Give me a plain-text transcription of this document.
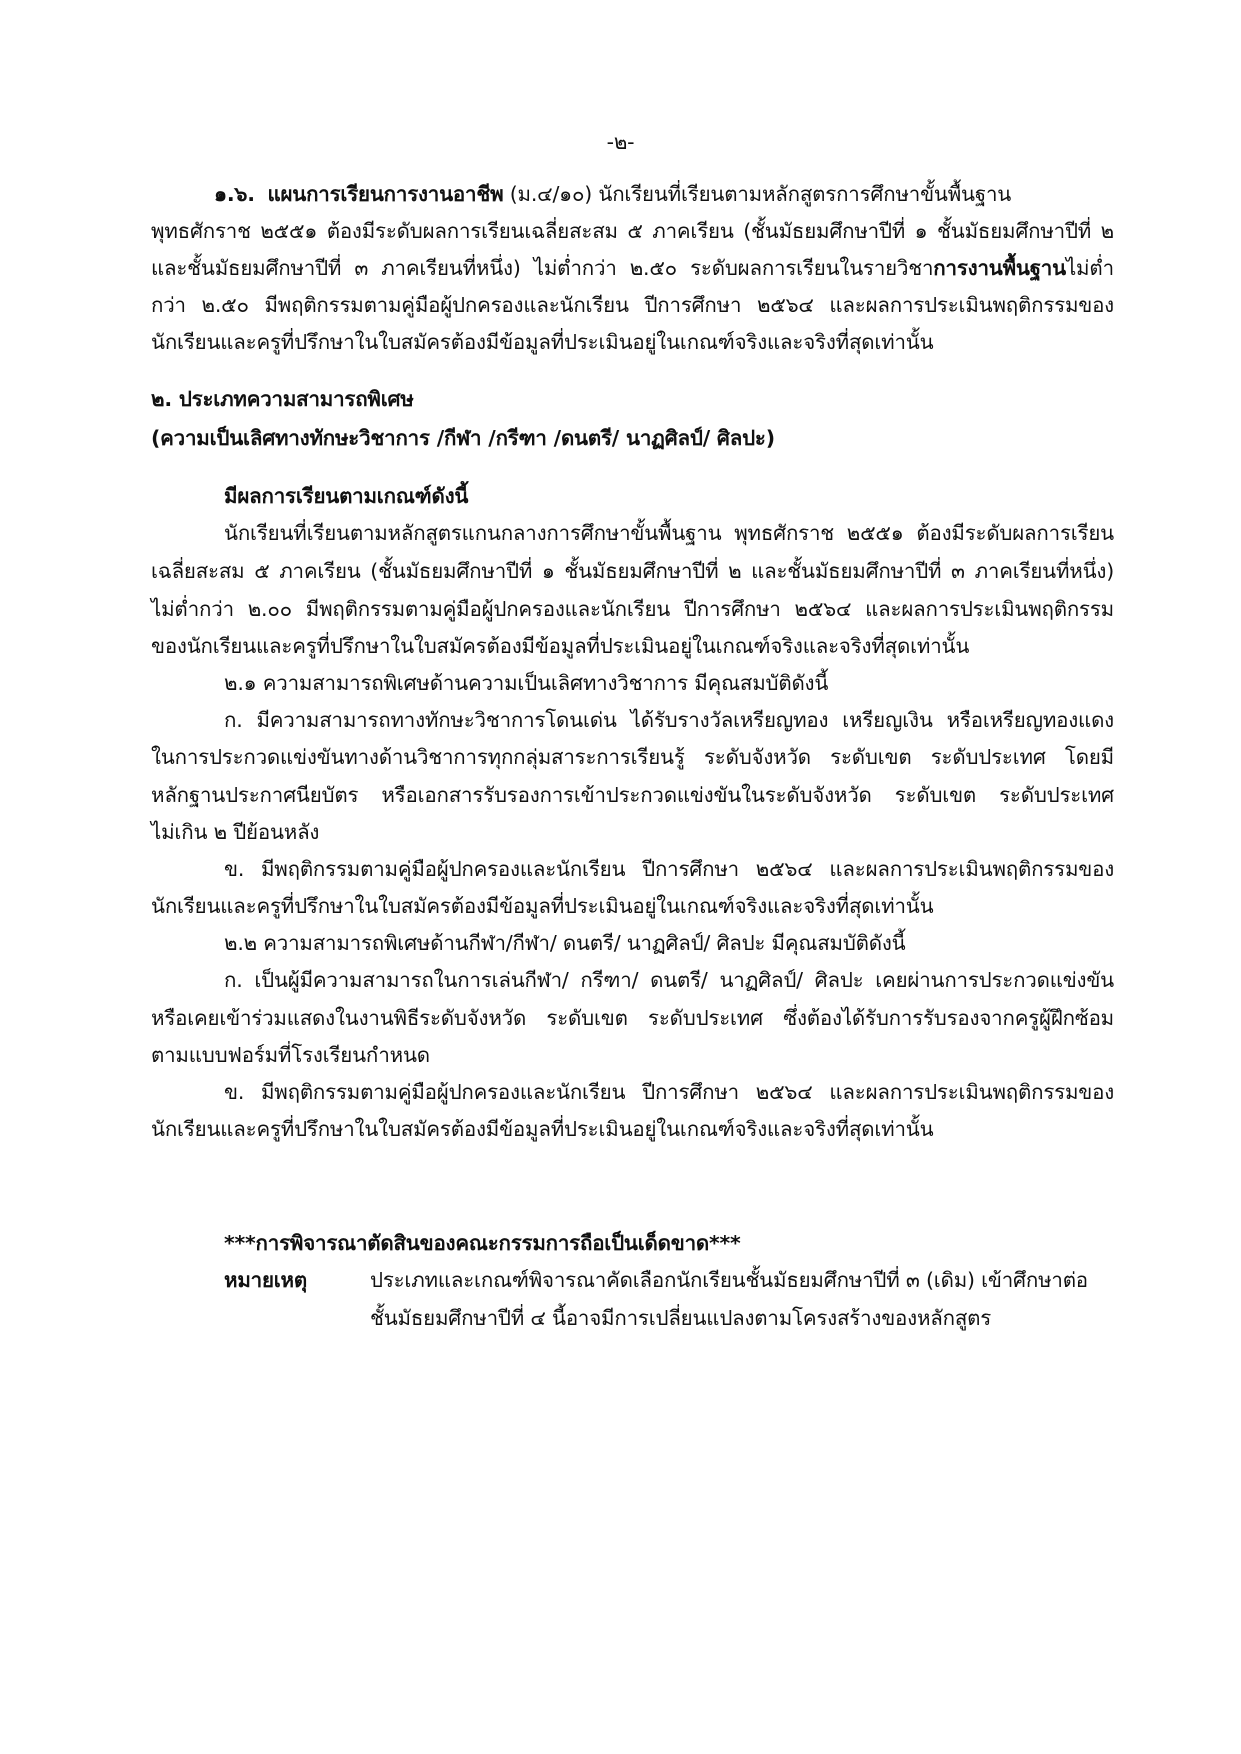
-๒-
๑.๖. แผนการเรียนการงานอาชีพ (ม.๔/๑๐) นักเรียนที่เรียนตามหลักสูตรการศึกษาขั้นพื้นฐาน
พุทธศักราช ๒๕๕๑ ต้องมีระดับผลการเรียนเฉลี่ยสะสม ๕ ภาคเรียน (ชั้นมัธยมศึกษาปีที่ ๑ ชั้นมัธยมศึกษาปีที่ ๒
และชั้นมัธยมศึกษาปีที่ ๓ ภาคเรียนที่หนึ่ง) ไม่ต่ำกว่า ๒.๕๐ ระดับผลการเรียนในรายวิชาการงานพื้นฐานไม่ต่ำ
กว่า ๒.๕๐ มีพฤติกรรมตามคู่มือผู้ปกครองและนักเรียน ปีการศึกษา ๒๕๖๔ และผลการประเมินพฤติกรรมของ
นักเรียนและครูที่ปรึกษาในใบสมัครต้องมีข้อมูลที่ประเมินอยู่ในเกณฑ์จริงและจริงที่สุดเท่านั้น
๒. ประเภทความสามารถพิเศษ
(ความเป็นเลิศทางทักษะวิชาการ /กีฬา /กรีฑา /ดนตรี/ นาฏศิลป์/ ศิลปะ)
มีผลการเรียนตามเกณฑ์ดังนี้
นักเรียนที่เรียนตามหลักสูตรแกนกลางการศึกษาขั้นพื้นฐาน พุทธศักราช ๒๕๕๑ ต้องมีระดับผลการเรียน
เฉลี่ยสะสม ๕ ภาคเรียน (ชั้นมัธยมศึกษาปีที่ ๑ ชั้นมัธยมศึกษาปีที่ ๒ และชั้นมัธยมศึกษาปีที่ ๓ ภาคเรียนที่หนึ่ง)
ไม่ต่ำกว่า ๒.๐๐ มีพฤติกรรมตามคู่มือผู้ปกครองและนักเรียน ปีการศึกษา ๒๕๖๔ และผลการประเมินพฤติกรรม
ของนักเรียนและครูที่ปรึกษาในใบสมัครต้องมีข้อมูลที่ประเมินอยู่ในเกณฑ์จริงและจริงที่สุดเท่านั้น
๒.๑ ความสามารถพิเศษด้านความเป็นเลิศทางวิชาการ มีคุณสมบัติดังนี้
ก. มีความสามารถทางทักษะวิชาการโดนเด่น ได้รับรางวัลเหรียญทอง เหรียญเงิน หรือเหรียญทองแดง
ในการประกวดแข่งขันทางด้านวิชาการทุกกลุ่มสาระการเรียนรู้ ระดับจังหวัด ระดับเขต ระดับประเทศ โดยมี
หลักฐานประกาศนียบัตร หรือเอกสารรับรองการเข้าประกวดแข่งขันในระดับจังหวัด ระดับเขต ระดับประเทศ
ไม่เกิน ๒ ปีย้อนหลัง
ข. มีพฤติกรรมตามคู่มือผู้ปกครองและนักเรียน ปีการศึกษา ๒๕๖๔ และผลการประเมินพฤติกรรมของ
นักเรียนและครูที่ปรึกษาในใบสมัครต้องมีข้อมูลที่ประเมินอยู่ในเกณฑ์จริงและจริงที่สุดเท่านั้น
๒.๒ ความสามารถพิเศษด้านกีฬา/กีฬา/ ดนตรี/ นาฏศิลป์/ ศิลปะ มีคุณสมบัติดังนี้
ก. เป็นผู้มีความสามารถในการเล่นกีฬา/ กรีฑา/ ดนตรี/ นาฏศิลป์/ ศิลปะ เคยผ่านการประกวดแข่งขัน
หรือเคยเข้าร่วมแสดงในงานพิธีระดับจังหวัด ระดับเขต ระดับประเทศ ซึ่งต้องได้รับการรับรองจากครูผู้ฝึกซ้อม
ตามแบบฟอร์มที่โรงเรียนกำหนด
ข. มีพฤติกรรมตามคู่มือผู้ปกครองและนักเรียน ปีการศึกษา ๒๕๖๔ และผลการประเมินพฤติกรรมของ
นักเรียนและครูที่ปรึกษาในใบสมัครต้องมีข้อมูลที่ประเมินอยู่ในเกณฑ์จริงและจริงที่สุดเท่านั้น
***การพิจารณาตัดสินของคณะกรรมการถือเป็นเด็ดขาด***
หมายเหตุ	ประเภทและเกณฑ์พิจารณาคัดเลือกนักเรียนชั้นมัธยมศึกษาปีที่ ๓ (เดิม) เข้าศึกษาต่อ
ชั้นมัธยมศึกษาปีที่ ๔ นี้อาจมีการเปลี่ยนแปลงตามโครงสร้างของหลักสูตร
